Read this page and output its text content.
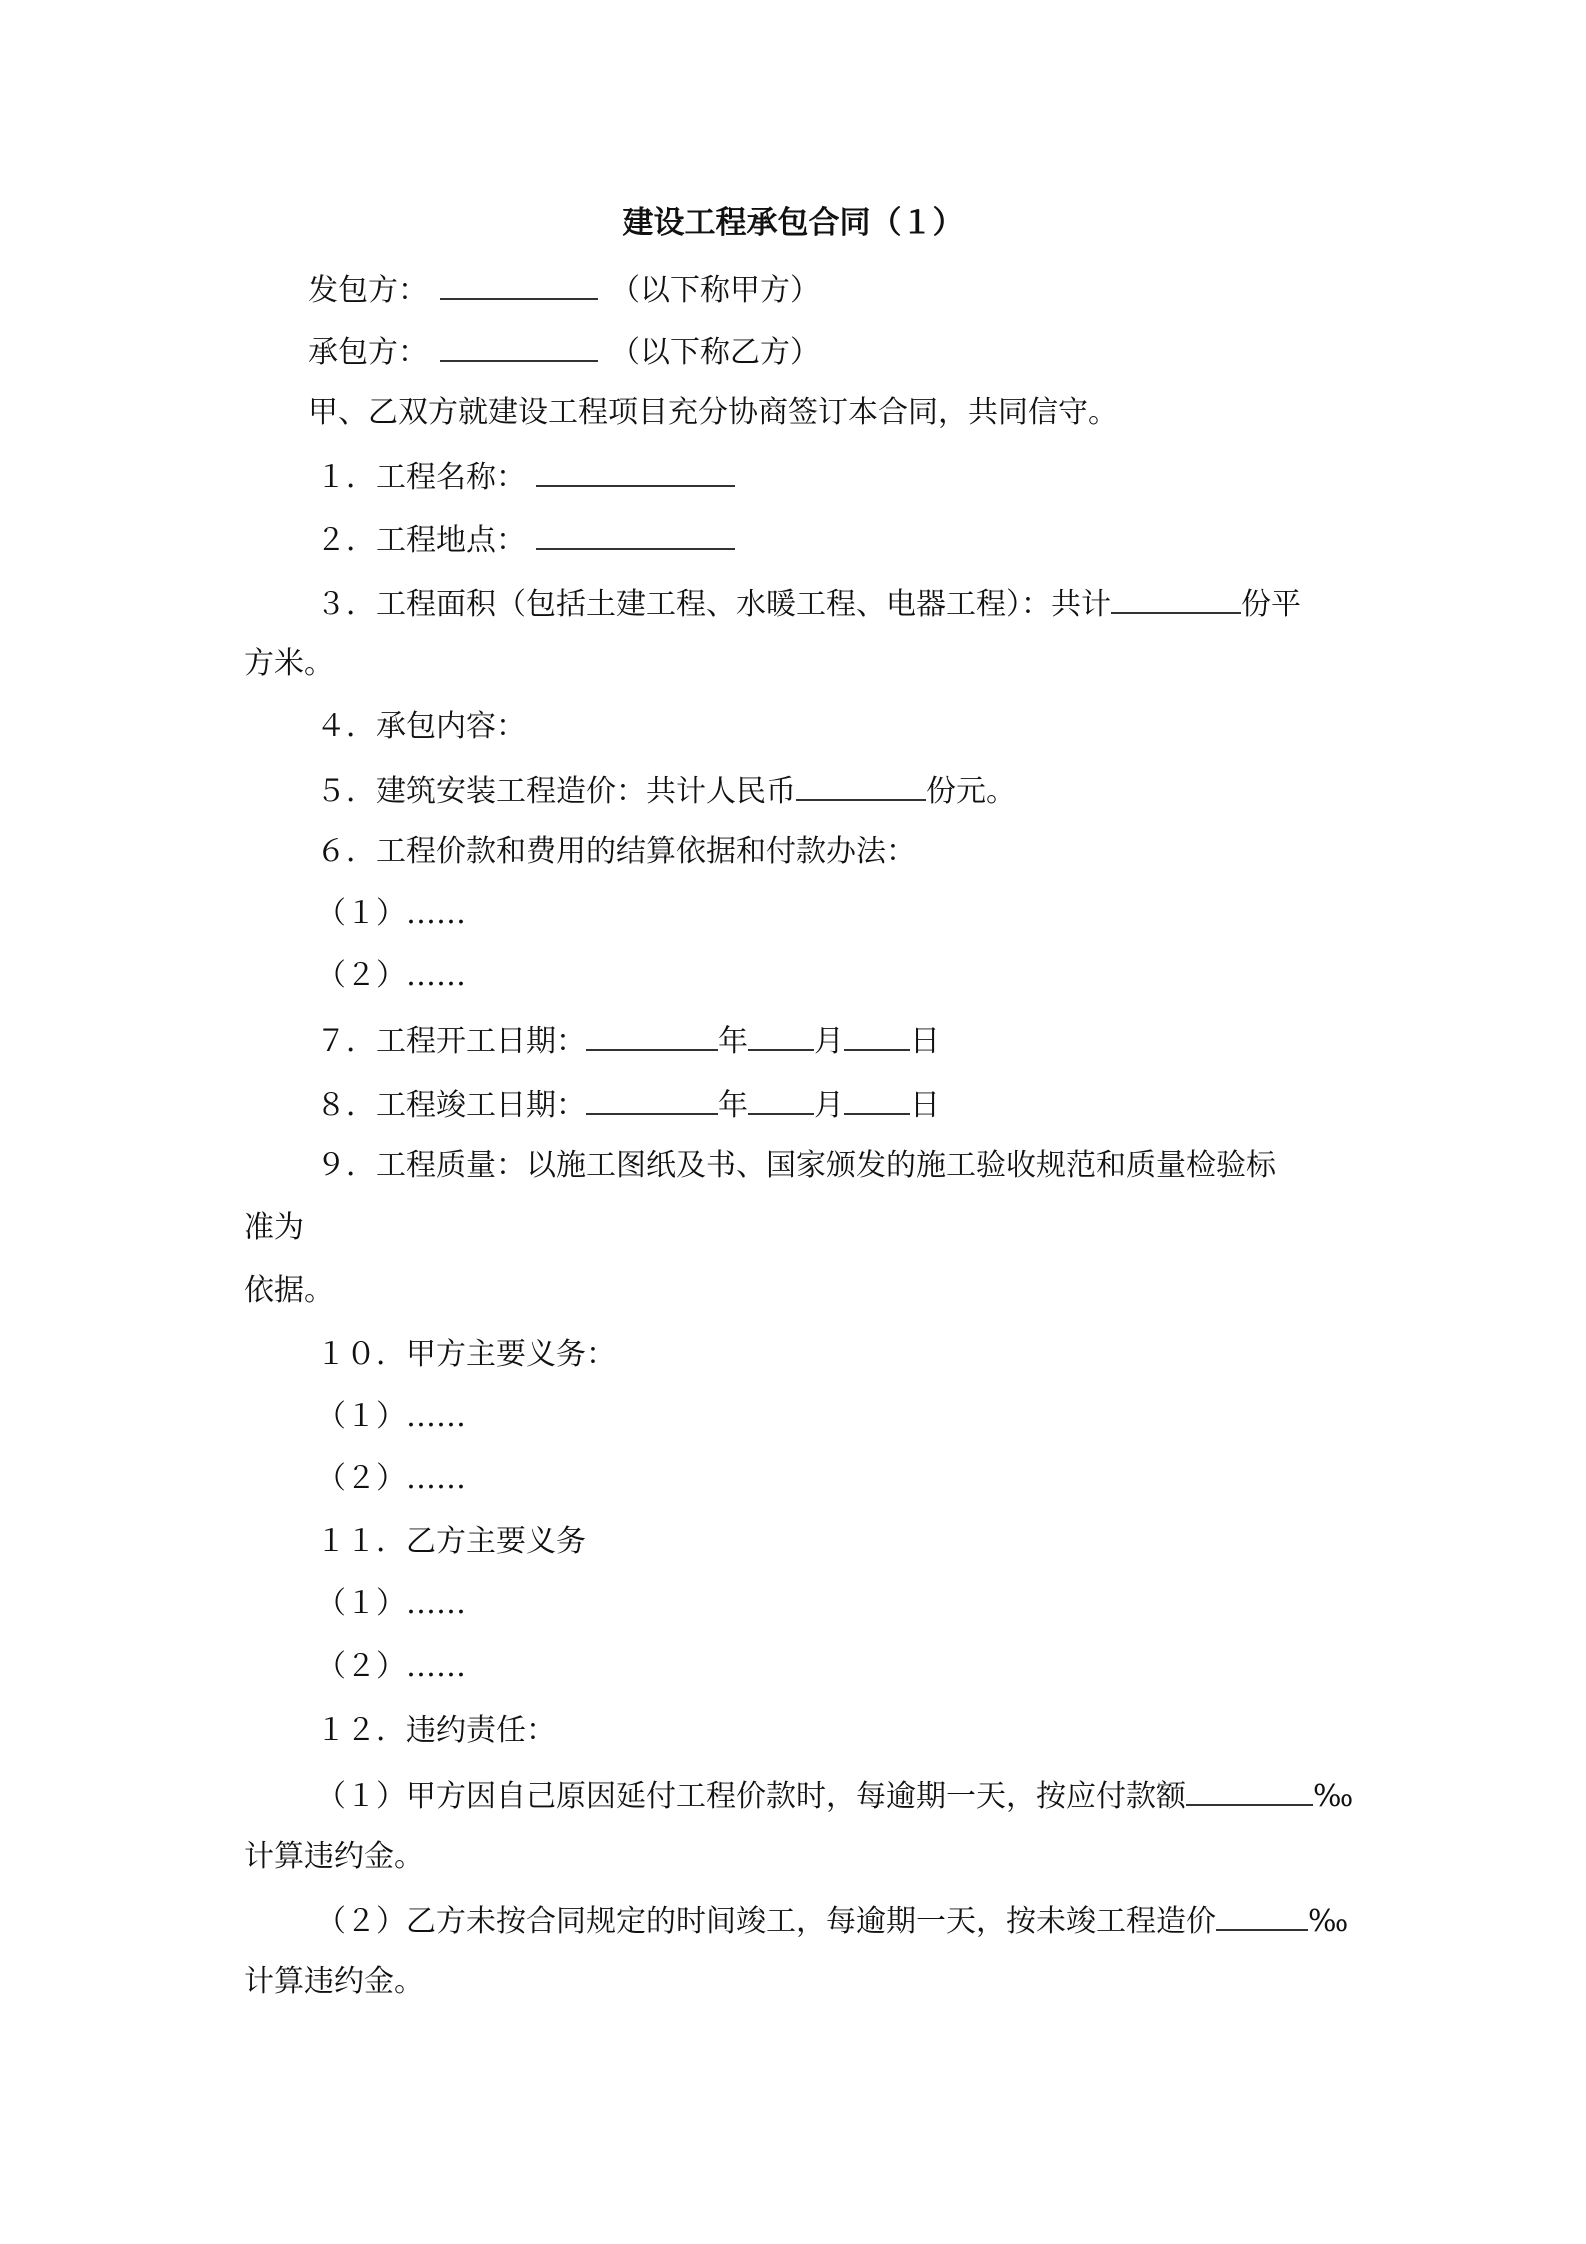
建设工程承包合同（１）
发包方：	（以下称甲方）
承包方：	（以下称乙方）
甲、乙双方就建设工程项目充分协商签订本合同，共同信守。
１．工程名称：
２．工程地点：
３．工程面积（包括土建工程、水暖工程、电器工程）：共计	份平
方米。
４．承包内容：
５．建筑安装工程造价：共计人民币	份元。
６．工程价款和费用的结算依据和付款办法：
（１）……
（２）……
７．工程开工日期：	年 月 日
８．工程竣工日期：	年 月 日
９．工程质量：以施工图纸及书、国家颁发的施工验收规范和质量检验标
准为
依据。
１０．甲方主要义务：
（１）……
（２）……
１１．乙方主要义务
（１）……
（２）……
１２．违约责任：
（１）甲方因自己原因延付工程价款时，每逾期一天，按应付款额	‰
计算违约金。
（２）乙方未按合同规定的时间竣工，每逾期一天，按未竣工程造价	‰
计算违约金。
